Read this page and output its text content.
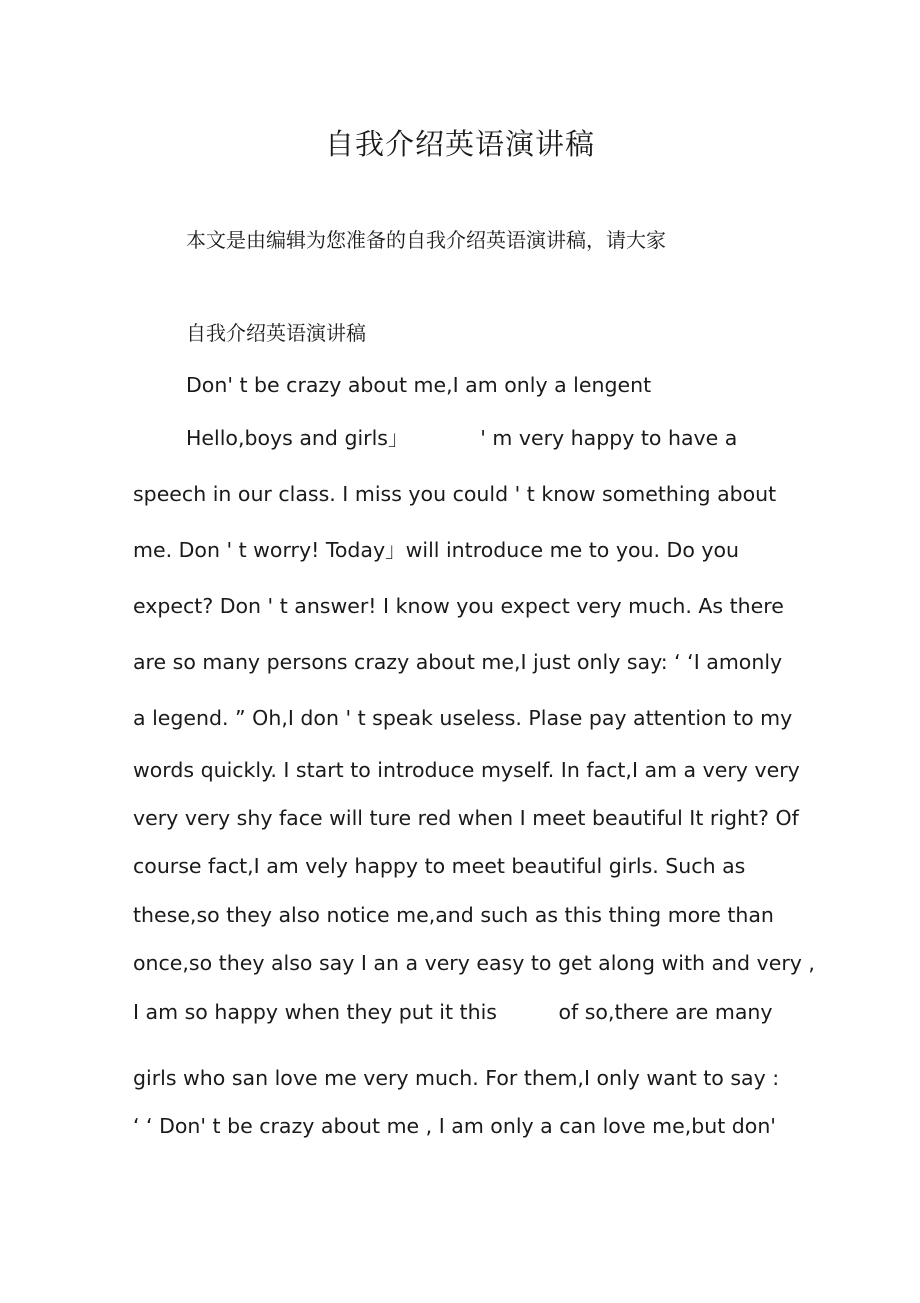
自我介绍英语演讲稿
本文是由编辑为您准备的自我介绍英语演讲稿，请大家
自我介绍英语演讲稿
Don' t be crazy about me,I am only a lengent
Hello,boys and girls」　　　　' m very happy to have a
speech in our class. I miss you could ' t know something about
me. Don ' t worry! Today」will introduce me to you. Do you
expect? Don ' t answer! I know you expect very much. As there
are so many persons crazy about me,I just only say: ‘ ‘I amonly
a legend. ” Oh,I don ' t speak useless. Plase pay attention to my
words quickly. I start to introduce myself. In fact,I am a very very
very very shy face will ture red when I meet beautiful It right? Of
course fact,I am vely happy to meet beautiful girls. Such as
these,so they also notice me,and such as this thing more than
once,so they also say I an a very easy to get along with and very ,
I am so happy when they put it this　　　of so,there are many
girls who san love me very much. For them,I only want to say :
‘ ‘ Don' t be crazy about me , I am only a can love me,but don'
